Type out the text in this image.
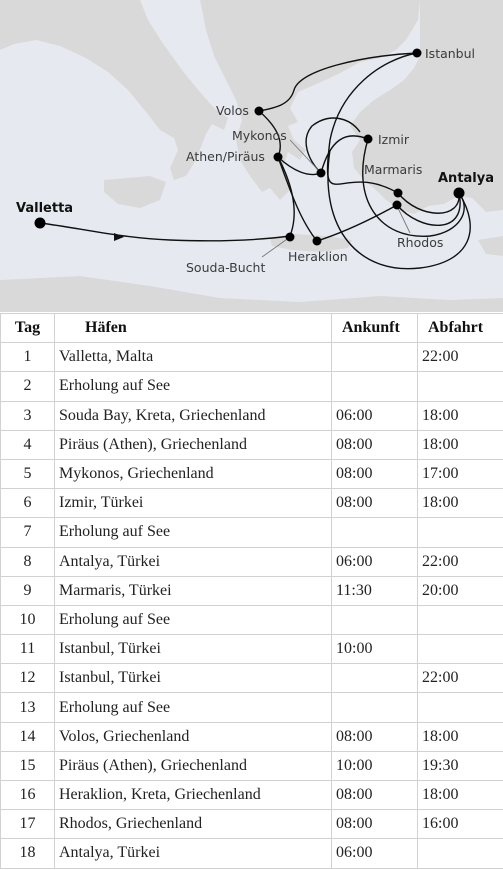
Valletta
Volos
Mykonos
Athen/Piräus
Souda-Bucht
Heraklion
Istanbul
Izmir
Marmaris
Antalya
Rhodos
Tag	Häfen	Ankunft	Abfahrt
1	Valletta, Malta		22:00
2	Erholung auf See		
3	Souda Bay, Kreta, Griechenland	06:00	18:00
4	Piräus (Athen), Griechenland	08:00	18:00
5	Mykonos, Griechenland	08:00	17:00
6	Izmir, Türkei	08:00	18:00
7	Erholung auf See		
8	Antalya, Türkei	06:00	22:00
9	Marmaris, Türkei	11:30	20:00
10	Erholung auf See		
11	Istanbul, Türkei	10:00	
12	Istanbul, Türkei		22:00
13	Erholung auf See		
14	Volos, Griechenland	08:00	18:00
15	Piräus (Athen), Griechenland	10:00	19:30
16	Heraklion, Kreta, Griechenland	08:00	18:00
17	Rhodos, Griechenland	08:00	16:00
18	Antalya, Türkei	06:00	
